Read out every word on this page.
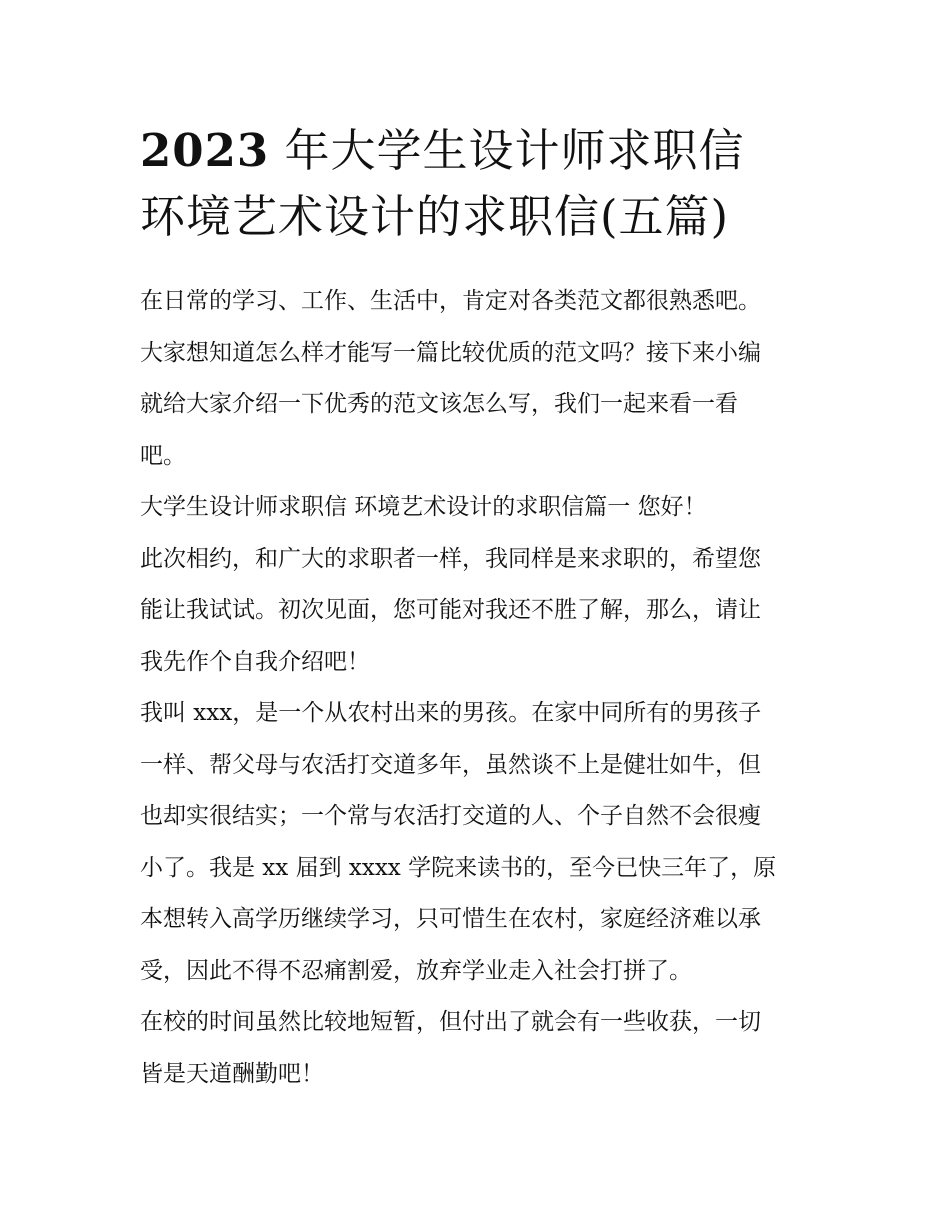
2023 年大学生设计师求职信
环境艺术设计的求职信(五篇)

在日常的学习、工作、生活中，肯定对各类范文都很熟悉吧。
大家想知道怎么样才能写一篇比较优质的范文吗？接下来小编
就给大家介绍一下优秀的范文该怎么写，我们一起来看一看
吧。

大学生设计师求职信 环境艺术设计的求职信篇一 您好！

此次相约，和广大的求职者一样，我同样是来求职的，希望您
能让我试试。初次见面，您可能对我还不胜了解，那么，请让
我先作个自我介绍吧！

我叫 xxx，是一个从农村出来的男孩。在家中同所有的男孩子
一样、帮父母与农活打交道多年，虽然谈不上是健壮如牛，但
也却实很结实；一个常与农活打交道的人、个子自然不会很瘦
小了。我是 xx 届到 xxxx 学院来读书的，至今已快三年了，原
本想转入高学历继续学习，只可惜生在农村，家庭经济难以承
受，因此不得不忍痛割爱，放弃学业走入社会打拼了。

在校的时间虽然比较地短暂，但付出了就会有一些收获，一切
皆是天道酬勤吧！
